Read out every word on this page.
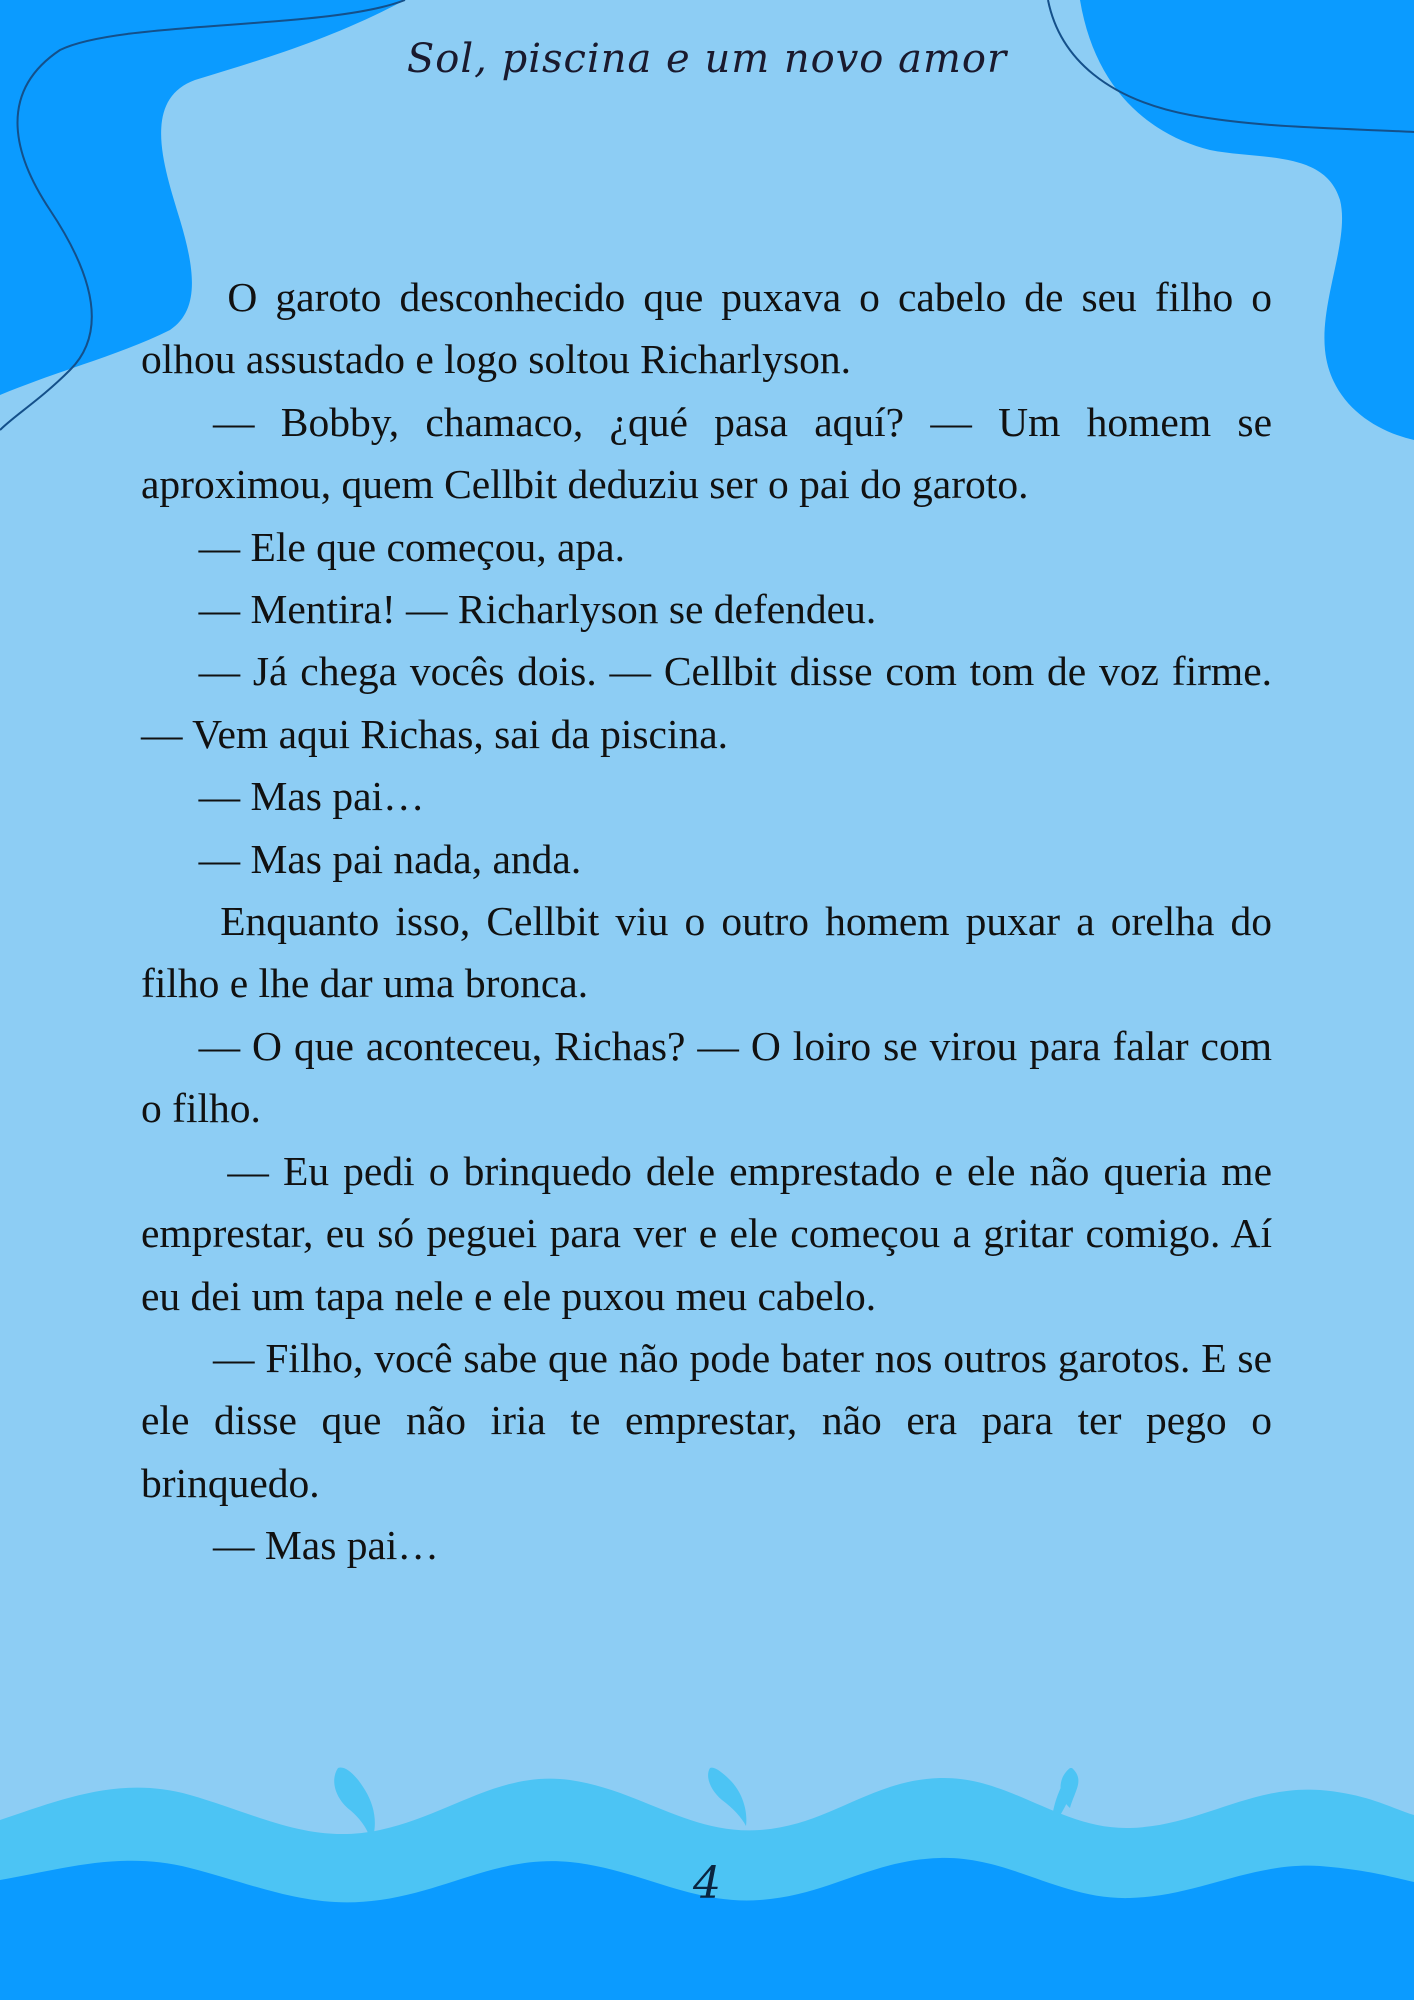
Sol, piscina e um novo amor

O garoto desconhecido que puxava o cabelo de seu filho o olhou assustado e logo soltou Richarlyson.

— Bobby, chamaco, ¿qué pasa aquí? — Um homem se aproximou, quem Cellbit deduziu ser o pai do garoto.

— Ele que começou, apa.

— Mentira! — Richarlyson se defendeu.

— Já chega vocês dois. — Cellbit disse com tom de voz firme. — Vem aqui Richas, sai da piscina.

— Mas pai…

— Mas pai nada, anda.

Enquanto isso, Cellbit viu o outro homem puxar a orelha do filho e lhe dar uma bronca.

— O que aconteceu, Richas? — O loiro se virou para falar com o filho.

— Eu pedi o brinquedo dele emprestado e ele não queria me emprestar, eu só peguei para ver e ele começou a gritar comigo. Aí eu dei um tapa nele e ele puxou meu cabelo.

— Filho, você sabe que não pode bater nos outros garotos. E se ele disse que não iria te emprestar, não era para ter pego o brinquedo.

— Mas pai…

4
